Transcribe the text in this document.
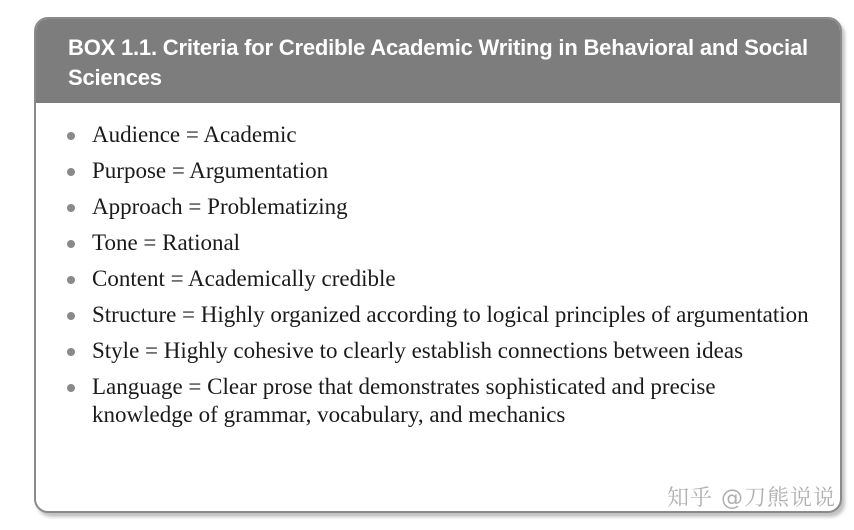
BOX 1.1. Criteria for Credible Academic Writing in Behavioral and Social Sciences
Audience = Academic
Purpose = Argumentation
Approach = Problematizing
Tone = Rational
Content = Academically credible
Structure = Highly organized according to logical principles of argumentation
Style = Highly cohesive to clearly establish connections between ideas
Language = Clear prose that demonstrates sophisticated and precise knowledge of grammar, vocabulary, and mechanics
知乎 @刀熊说说
